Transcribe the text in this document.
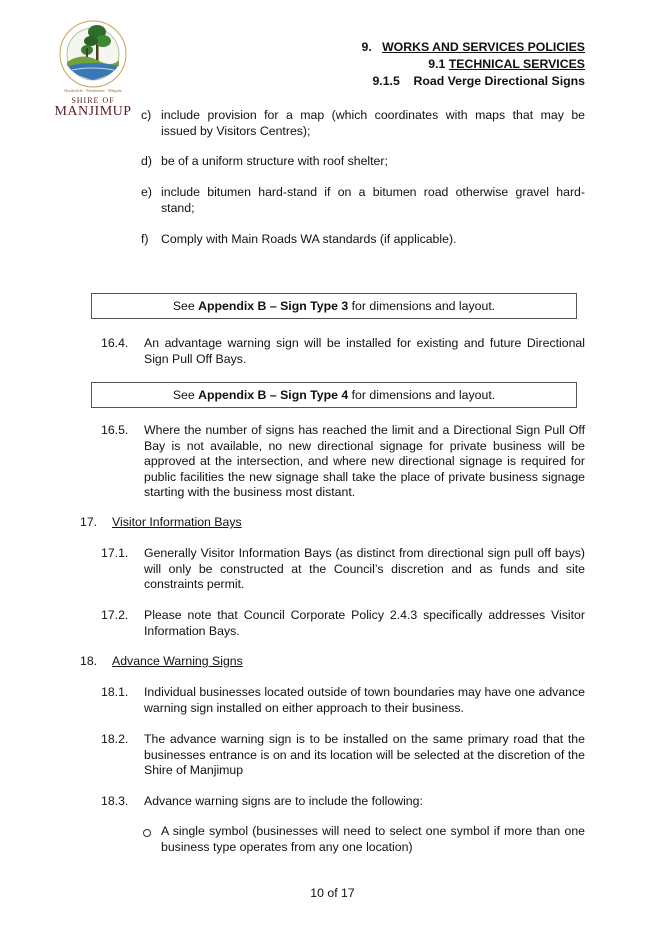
Northcliffe · Pemberton · Walpole
SHIRE OF
MANJIMUP
9. WORKS AND SERVICES POLICIES
9.1 TECHNICAL SERVICES
9.1.5 Road Verge Directional Signs
c) include provision for a map (which coordinates with maps that may be
issued by Visitors Centres);
d) be of a uniform structure with roof shelter;
e) include bitumen hard-stand if on a bitumen road otherwise gravel hard-
stand;
f) Comply with Main Roads WA standards (if applicable).
See Appendix B – Sign Type 3 for dimensions and layout.
16.4. An advantage warning sign will be installed for existing and future Directional Sign Pull Off Bays.
See Appendix B – Sign Type 4 for dimensions and layout.
16.5. Where the number of signs has reached the limit and a Directional Sign Pull Off Bay is not available, no new directional signage for private business will be approved at the intersection, and where new directional signage is required for public facilities the new signage shall take the place of private business signage starting with the business most distant.
17. Visitor Information Bays
17.1. Generally Visitor Information Bays (as distinct from directional sign pull off bays) will only be constructed at the Council’s discretion and as funds and site constraints permit.
17.2. Please note that Council Corporate Policy 2.4.3 specifically addresses Visitor Information Bays.
18. Advance Warning Signs
18.1. Individual businesses located outside of town boundaries may have one advance warning sign installed on either approach to their business.
18.2. The advance warning sign is to be installed on the same primary road that the businesses entrance is on and its location will be selected at the discretion of the Shire of Manjimup
18.3. Advance warning signs are to include the following:
A single symbol (businesses will need to select one symbol if more than one business type operates from any one location)
10 of 17
